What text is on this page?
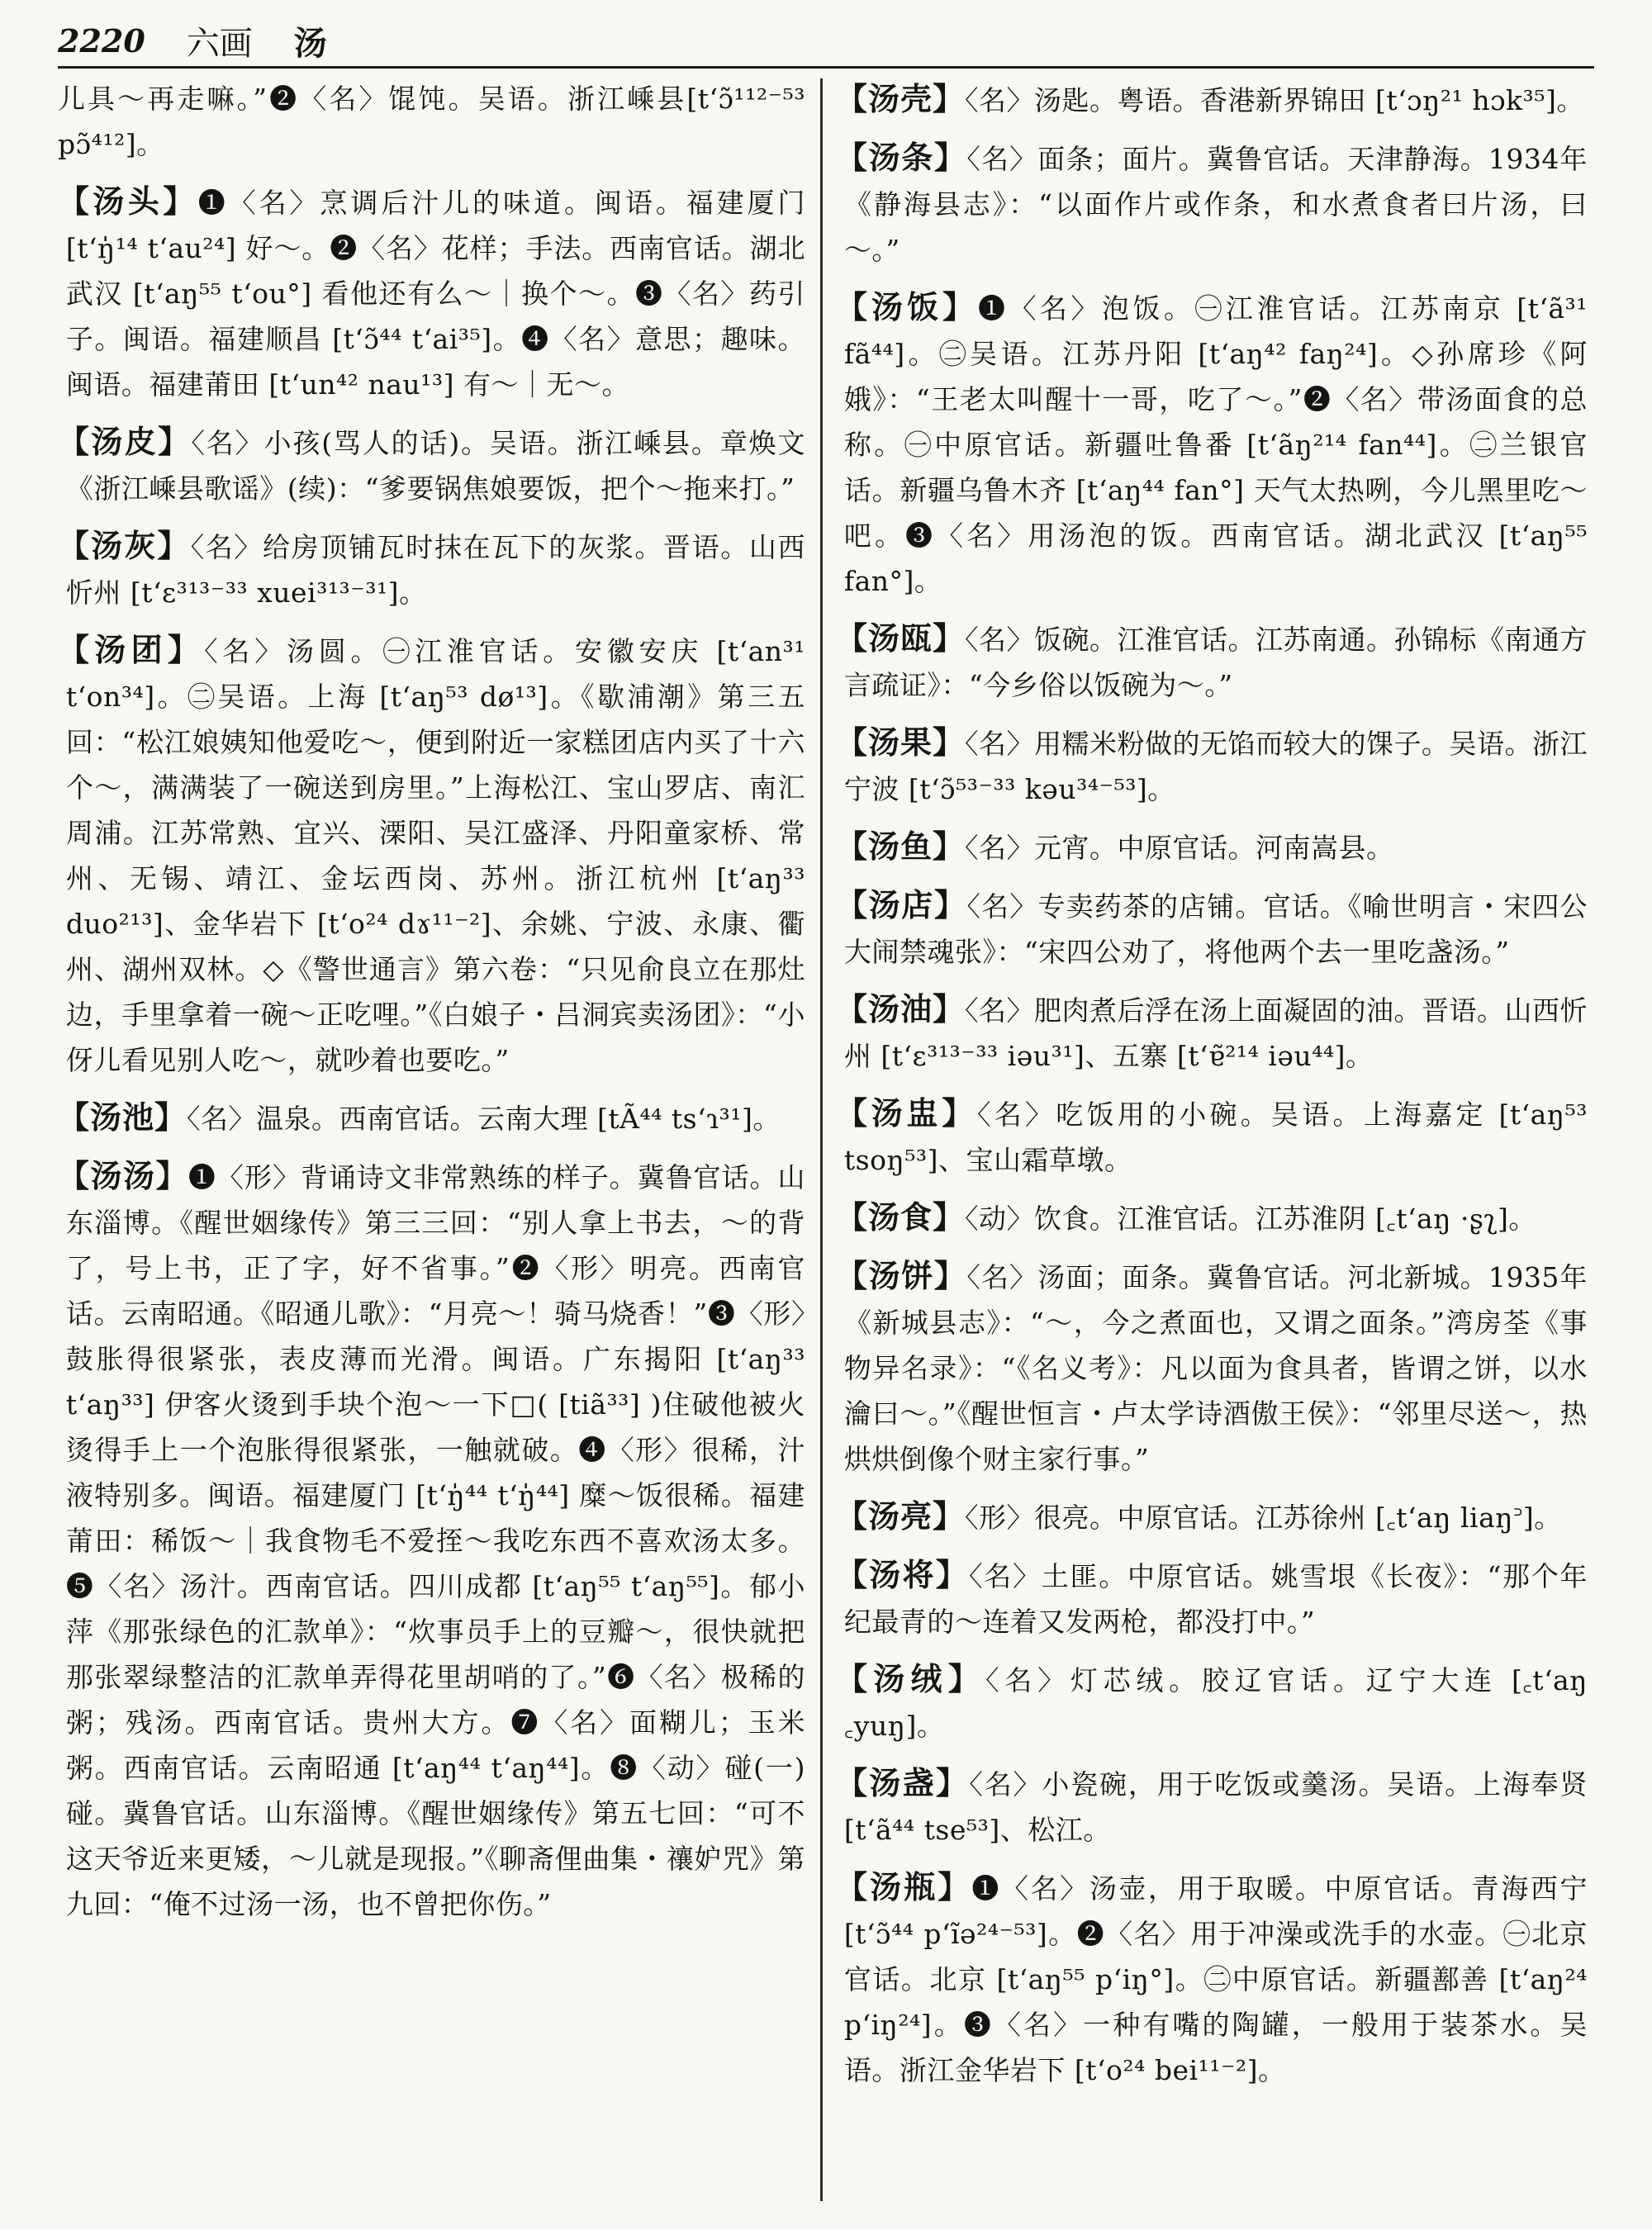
2220 六画 汤
儿具～再走嘛。”❷〈名〉馄饨。吴语。浙江嵊县[t‘ɔ̃¹¹²⁻⁵³ pɔ̃⁴¹²]。
【汤头】❶〈名〉烹调后汁儿的味道。闽语。福建厦门[t‘ŋ̍¹⁴ t‘au²⁴] 好～。❷〈名〉花样；手法。西南官话。湖北武汉 [t‘aŋ⁵⁵ t‘ou°] 看他还有么～｜换个～。❸〈名〉药引子。闽语。福建顺昌 [t‘ɔ̃⁴⁴ t‘ai³⁵]。❹〈名〉意思；趣味。闽语。福建莆田 [t‘un⁴² nau¹³] 有～｜无～。
【汤皮】〈名〉小孩(骂人的话)。吴语。浙江嵊县。章焕文《浙江嵊县歌谣》(续)：“爹要锅焦娘要饭，把个～拖来打。”
【汤灰】〈名〉给房顶铺瓦时抹在瓦下的灰浆。晋语。山西忻州 [t‘ɛ³¹³⁻³³ xuei³¹³⁻³¹]。
【汤团】〈名〉汤圆。㊀江淮官话。安徽安庆 [t‘an³¹ t‘on³⁴]。㊁吴语。上海 [t‘aŋ⁵³ dø¹³]。《歇浦潮》第三五回：“松江娘姨知他爱吃～，便到附近一家糕团店内买了十六个～，满满装了一碗送到房里。”上海松江、宝山罗店、南汇周浦。江苏常熟、宜兴、溧阳、吴江盛泽、丹阳童家桥、常州、无锡、靖江、金坛西岗、苏州。浙江杭州 [t‘aŋ³³ duo²¹³]、金华岩下 [t‘o²⁴ dɤ¹¹⁻²]、余姚、宁波、永康、衢州、湖州双林。◇《警世通言》第六卷：“只见俞良立在那灶边，手里拿着一碗～正吃哩。”《白娘子・吕洞宾卖汤团》：“小伢儿看见别人吃～，就吵着也要吃。”
【汤池】〈名〉温泉。西南官话。云南大理 [tÃ⁴⁴ ts‘ɿ³¹]。
【汤汤】❶〈形〉背诵诗文非常熟练的样子。冀鲁官话。山东淄博。《醒世姻缘传》第三三回：“别人拿上书去，～的背了，号上书，正了字，好不省事。”❷〈形〉明亮。西南官话。云南昭通。《昭通儿歌》：“月亮～！骑马烧香！”❸〈形〉鼓胀得很紧张，表皮薄而光滑。闽语。广东揭阳 [t‘aŋ³³ t‘aŋ³³] 伊客火烫到手块个泡～一下□( [tiã³³] )住破他被火烫得手上一个泡胀得很紧张，一触就破。❹〈形〉很稀，汁液特别多。闽语。福建厦门 [t‘ŋ̍⁴⁴ t‘ŋ̍⁴⁴] 糜～饭很稀。福建莆田：稀饭～｜我食物毛不爱挃～我吃东西不喜欢汤太多。❺〈名〉汤汁。西南官话。四川成都 [t‘aŋ⁵⁵ t‘aŋ⁵⁵]。郁小萍《那张绿色的汇款单》：“炊事员手上的豆瓣～，很快就把那张翠绿整洁的汇款单弄得花里胡哨的了。”❻〈名〉极稀的粥；残汤。西南官话。贵州大方。❼〈名〉面糊儿；玉米粥。西南官话。云南昭通 [t‘aŋ⁴⁴ t‘aŋ⁴⁴]。❽〈动〉碰(一)碰。冀鲁官话。山东淄博。《醒世姻缘传》第五七回：“可不这天爷近来更矮，～儿就是现报。”《聊斋俚曲集・禳妒咒》第九回：“俺不过汤一汤，也不曾把你伤。”
【汤壳】〈名〉汤匙。粤语。香港新界锦田 [t‘ɔŋ²¹ hɔk³⁵]。
【汤条】〈名〉面条；面片。冀鲁官话。天津静海。1934年《静海县志》：“以面作片或作条，和水煮食者曰片汤，曰～。”
【汤饭】❶〈名〉泡饭。㊀江淮官话。江苏南京 [t‘ã³¹ fã⁴⁴]。㊁吴语。江苏丹阳 [t‘aŋ⁴² faŋ²⁴]。◇孙席珍《阿娥》：“王老太叫醒十一哥，吃了～。”❷〈名〉带汤面食的总称。㊀中原官话。新疆吐鲁番 [t‘ãŋ²¹⁴ fan⁴⁴]。㊁兰银官话。新疆乌鲁木齐 [t‘aŋ⁴⁴ fan°] 天气太热咧，今儿黑里吃～吧。❸〈名〉用汤泡的饭。西南官话。湖北武汉 [t‘aŋ⁵⁵ fan°]。
【汤瓯】〈名〉饭碗。江淮官话。江苏南通。孙锦标《南通方言疏证》：“今乡俗以饭碗为～。”
【汤果】〈名〉用糯米粉做的无馅而较大的馃子。吴语。浙江宁波 [t‘ɔ̃⁵³⁻³³ kəu³⁴⁻⁵³]。
【汤鱼】〈名〉元宵。中原官话。河南嵩县。
【汤店】〈名〉专卖药茶的店铺。官话。《喻世明言・宋四公大闹禁魂张》：“宋四公劝了，将他两个去一里吃盏汤。”
【汤油】〈名〉肥肉煮后浮在汤上面凝固的油。晋语。山西忻州 [t‘ɛ³¹³⁻³³ iəu³¹]、五寨 [t‘ɐ̃²¹⁴ iəu⁴⁴]。
【汤盅】〈名〉吃饭用的小碗。吴语。上海嘉定 [t‘aŋ⁵³ tsoŋ⁵³]、宝山霜草墩。
【汤食】〈动〉饮食。江淮官话。江苏淮阴 [꜀t‘aŋ ·ʂʅ]。
【汤饼】〈名〉汤面；面条。冀鲁官话。河北新城。1935年《新城县志》：“～，今之煮面也，又谓之面条。”湾房荃《事物异名录》：“《名义考》：凡以面为食具者，皆谓之饼，以水瀹曰～。”《醒世恒言・卢太学诗酒傲王侯》：“邻里尽送～，热烘烘倒像个财主家行事。”
【汤亮】〈形〉很亮。中原官话。江苏徐州 [꜀t‘aŋ liaŋ꜄]。
【汤将】〈名〉土匪。中原官话。姚雪垠《长夜》：“那个年纪最青的～连着又发两枪，都没打中。”
【汤绒】〈名〉灯芯绒。胶辽官话。辽宁大连 [꜀t‘aŋ ꜀yuŋ]。
【汤盏】〈名〉小瓷碗，用于吃饭或羹汤。吴语。上海奉贤 [t‘ã⁴⁴ tse⁵³]、松江。
【汤瓶】❶〈名〉汤壶，用于取暖。中原官话。青海西宁 [t‘ɔ̃⁴⁴ p‘ĩə²⁴⁻⁵³]。❷〈名〉用于冲澡或洗手的水壶。㊀北京官话。北京 [t‘aŋ⁵⁵ p‘iŋ°]。㊁中原官话。新疆鄯善 [t‘aŋ²⁴ p‘iŋ²⁴]。❸〈名〉一种有嘴的陶罐，一般用于装茶水。吴语。浙江金华岩下 [t‘o²⁴ bei¹¹⁻²]。
